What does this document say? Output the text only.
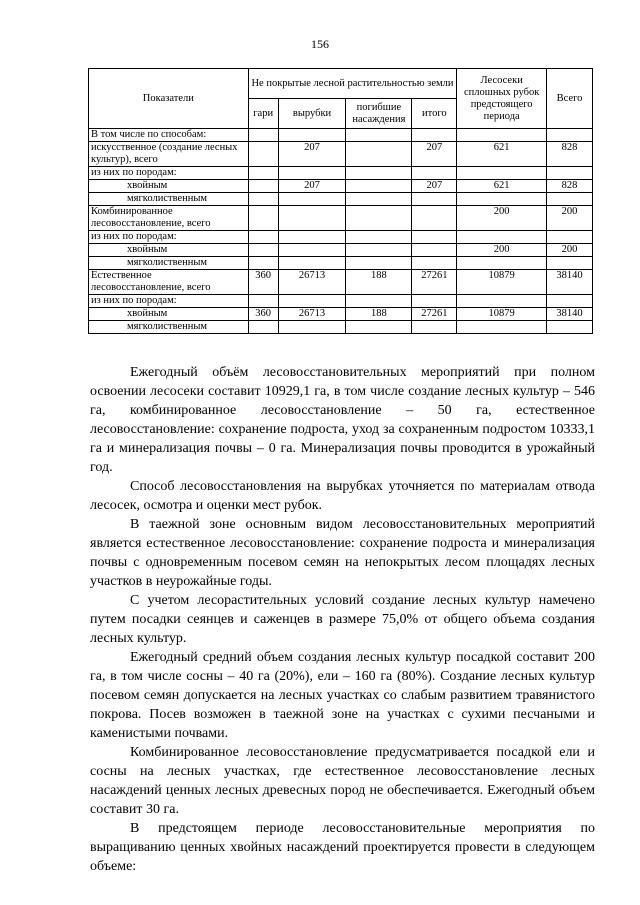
156
Показатели	Не покрытые лесной растительностью земли				Лесосеки сплошных рубок предстоящего периода	Всего
	гари	вырубки	погибшие насаждения	итого		
В том числе по способам:						
искусственное (создание лесных культур), всего		207		207	621	828
из них по породам:						
хвойным		207		207	621	828
мягколиственным						
Комбинированное лесовосстановление, всего					200	200
из них по породам:						
хвойным					200	200
мягколиственным						
Естественное лесовосстановление, всего	360	26713	188	27261	10879	38140
из них по породам:						
хвойным	360	26713	188	27261	10879	38140
мягколиственным						

Ежегодный объём лесовосстановительных мероприятий при полном освоении лесосеки составит 10929,1 га, в том числе создание лесных культур – 546 га, комбинированное лесовосстановление – 50 га, естественное лесовосстановление: сохранение подроста, уход за сохраненным подростом 10333,1 га и минерализация почвы – 0 га. Минерализация почвы проводится в урожайный год.

Способ лесовосстановления на вырубках уточняется по материалам отвода лесосек, осмотра и оценки мест рубок.

В таежной зоне основным видом лесовосстановительных мероприятий является естественное лесовосстановление: сохранение подроста и минерализация почвы с одновременным посевом семян на непокрытых лесом площадях лесных участков в неурожайные годы.

С учетом лесорастительных условий создание лесных культур намечено путем посадки сеянцев и саженцев в размере 75,0% от общего объема создания лесных культур.

Ежегодный средний объем создания лесных культур посадкой составит 200 га, в том числе сосны – 40 га (20%), ели – 160 га (80%). Создание лесных культур посевом семян допускается на лесных участках со слабым развитием травянистого покрова. Посев возможен в таежной зоне на участках с сухими песчаными и каменистыми почвами.

Комбинированное лесовосстановление предусматривается посадкой ели и сосны на лесных участках, где естественное лесовосстановление лесных насаждений ценных лесных древесных пород не обеспечивается. Ежегодный объем составит 30 га.

В предстоящем периоде лесовосстановительные мероприятия по выращиванию ценных хвойных насаждений проектируется провести в следующем объеме:
